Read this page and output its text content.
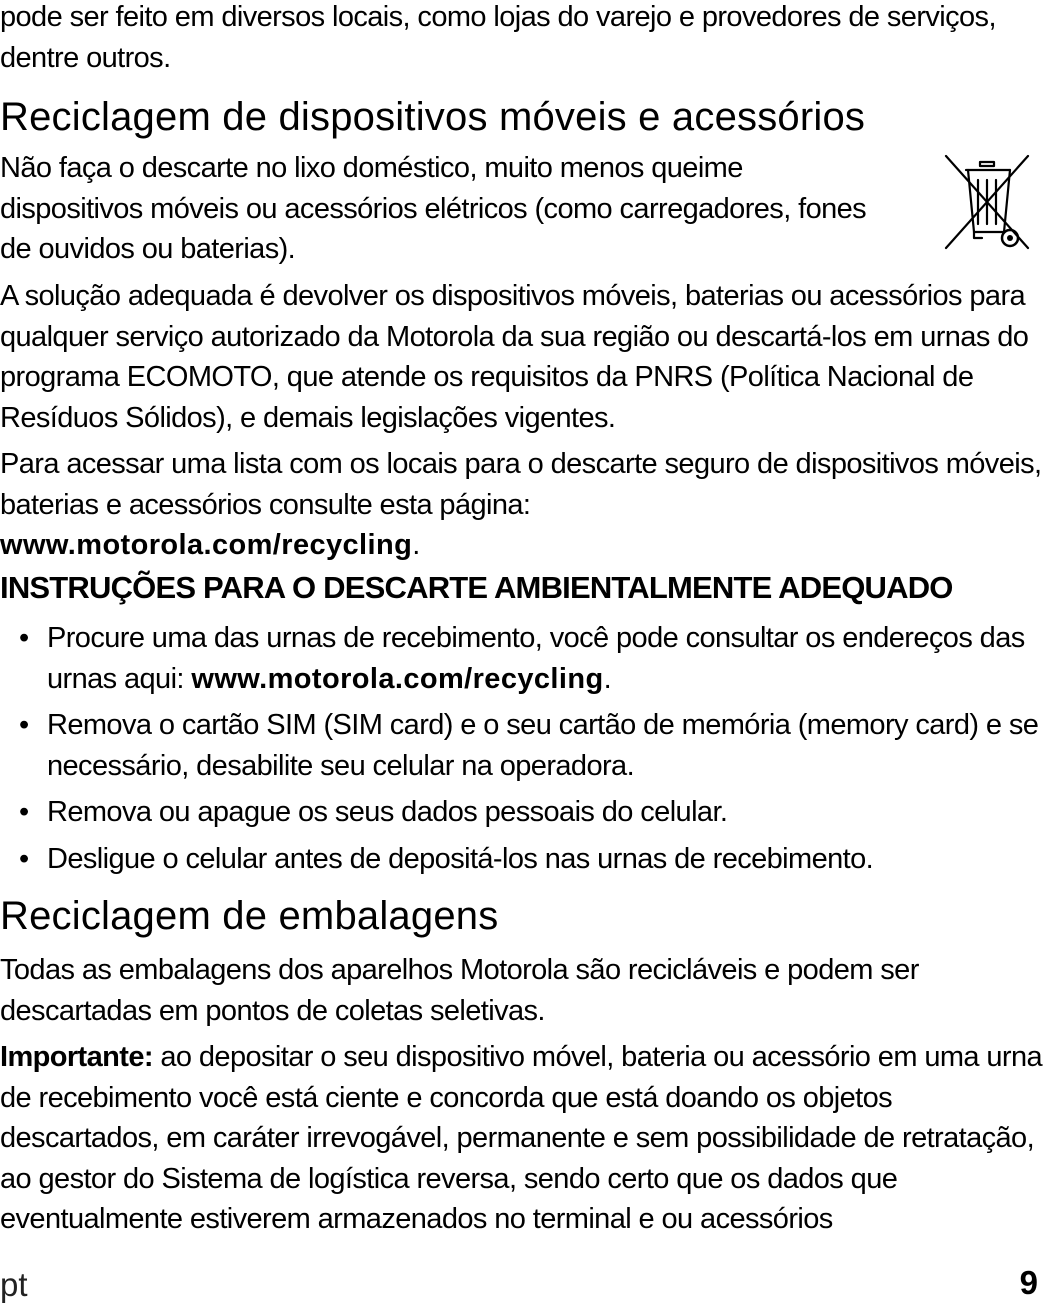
pode ser feito em diversos locais, como lojas do varejo e provedores de serviços, dentre outros.

Reciclagem de dispositivos móveis e acessórios

Não faça o descarte no lixo doméstico, muito menos queime dispositivos móveis ou acessórios elétricos (como carregadores, fones de ouvidos ou baterias).

A solução adequada é devolver os dispositivos móveis, baterias ou acessórios para qualquer serviço autorizado da Motorola da sua região ou descartá-los em urnas do programa ECOMOTO, que atende os requisitos da PNRS (Política Nacional de Resíduos Sólidos), e demais legislações vigentes.

Para acessar uma lista com os locais para o descarte seguro de dispositivos móveis, baterias e acessórios consulte esta página:
www.motorola.com/recycling.

INSTRUÇÕES PARA O DESCARTE AMBIENTALMENTE ADEQUADO
• Procure uma das urnas de recebimento, você pode consultar os endereços das urnas aqui: www.motorola.com/recycling.
• Remova o cartão SIM (SIM card) e o seu cartão de memória (memory card) e se necessário, desabilite seu celular na operadora.
• Remova ou apague os seus dados pessoais do celular.
• Desligue o celular antes de depositá-los nas urnas de recebimento.
Reciclagem de embalagens

Todas as embalagens dos aparelhos Motorola são recicláveis e podem ser descartadas em pontos de coletas seletivas.

Importante: ao depositar o seu dispositivo móvel, bateria ou acessório em uma urna de recebimento você está ciente e concorda que está doando os objetos descartados, em caráter irrevogável, permanente e sem possibilidade de retratação, ao gestor do Sistema de logística reversa, sendo certo que os dados que eventualmente estiverem armazenados no terminal e ou acessórios

pt	9
